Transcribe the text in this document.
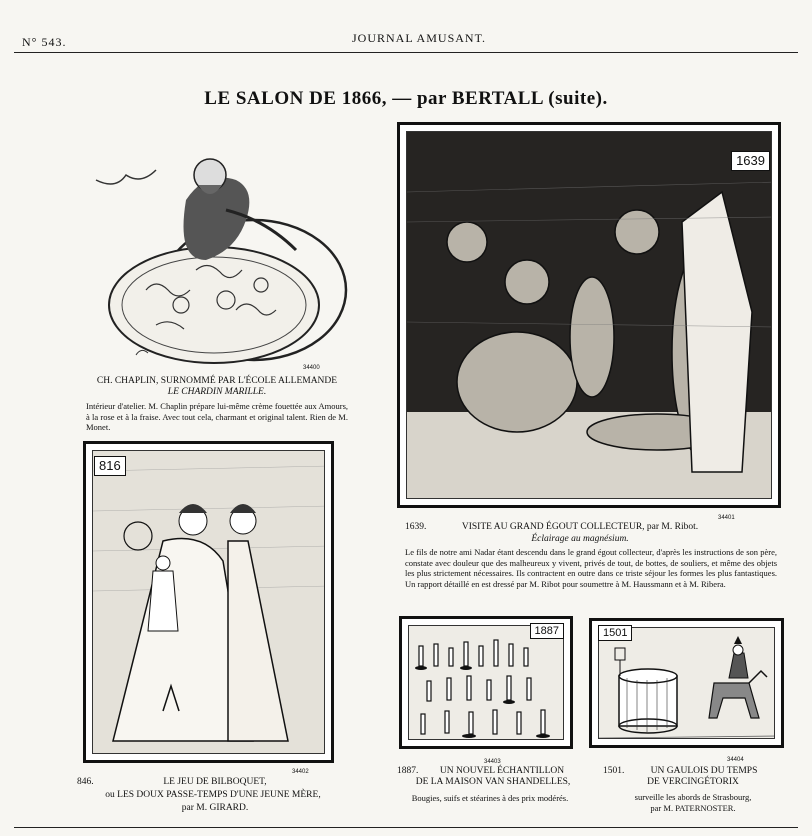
N° 543.	JOURNAL AMUSANT.
LE SALON DE 1866, — par BERTALL (suite).
34400
CH. CHAPLIN, SURNOMMÉ PAR L'ÉCOLE ALLEMANDE
LE CHARDIN MARILLE.
Intérieur d'atelier. M. Chaplin prépare lui-même crème fouettée aux Amours, à la rose et à la fraise. Avec tout cela, charmant et original talent. Rien de M. Monet.
1639
34401
1639.	VISITE AU GRAND ÉGOUT COLLECTEUR, par M. Ribot.
Éclairage au magnésium.
Le fils de notre ami Nadar étant descendu dans le grand égout collecteur, d'après les instructions de son père, constate avec douleur que des malheureux y vivent, privés de tout, de bottes, de souliers, et même des objets les plus strictement nécessaires. Ils contractent en outre dans ce triste séjour les formes les plus fantastiques. Un rapport détaillé en est dressé par M. Ribot pour soumettre à M. Haussmann et à M. Ribera.
816
34402
846.	LE JEU DE BILBOQUET,
ou LES DOUX PASSE-TEMPS D'UNE JEUNE MÈRE,
par M. GIRARD.
1887
34403
1887.	UN NOUVEL ÉCHANTILLON
DE LA MAISON VAN SHANDELLES,
Bougies, suifs et stéarines à des prix modérés.
1501
34404
1501.	UN GAULOIS DU TEMPS
DE VERCINGÉTORIX
surveille les abords de Strasbourg,
par M. PATERNOSTER.
